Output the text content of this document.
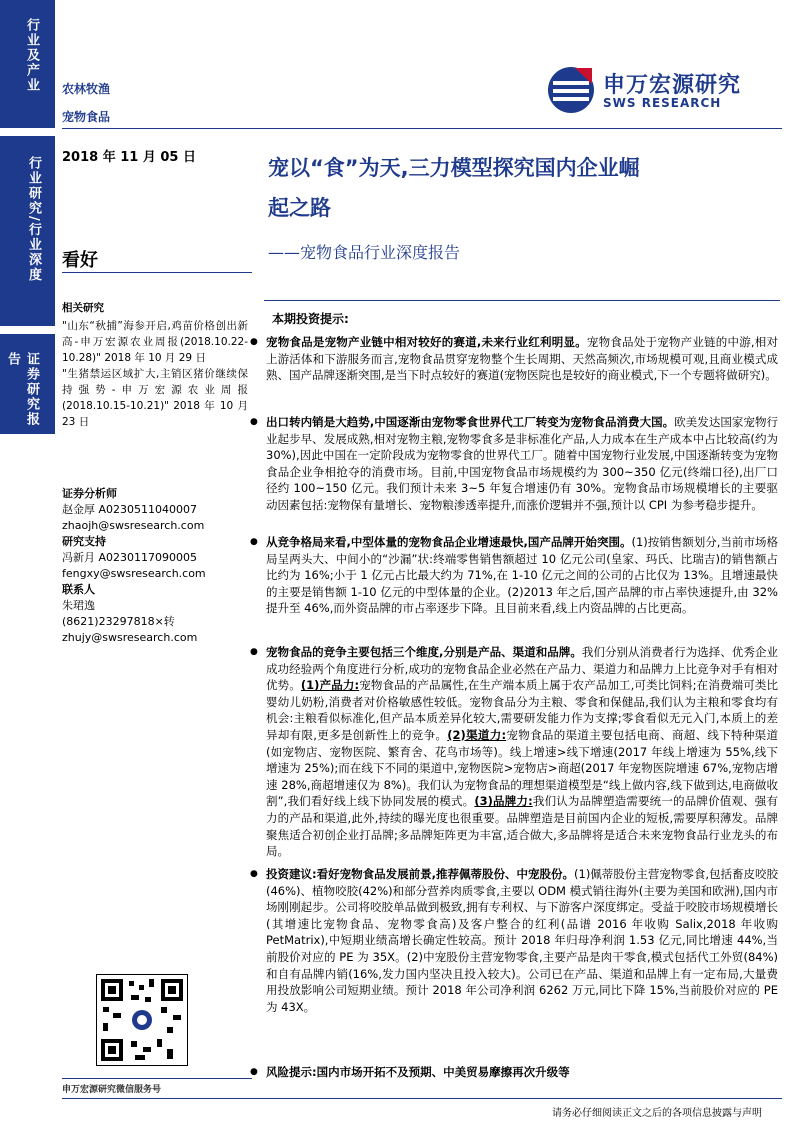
行业及产业
行业研究/行业深度
证券研究报告
农林牧渔
宠物食品
申万宏源研究
SWS RESEARCH
2018 年 11 月 05 日
看好
宠以“食”为天,三力模型探究国内企业崛
起之路
——宠物食品行业深度报告
相关研究
"山东“秋捕”海参开启,鸡苗价格创出新高-申万宏源农业周报(2018.10.22-10.28)" 2018 年 10 月 29 日
"生猪禁运区域扩大,主销区猪价继续保持强势-申万宏源农业周报(2018.10.15-10.21)" 2018 年 10 月 23 日
证券分析师
赵金厚 A0230511040007
zhaojh@swsresearch.com
研究支持
冯新月 A0230117090005
fengxy@swsresearch.com
联系人
朱珺逸
(8621)23297818×转
zhujy@swsresearch.com
申万宏源研究微信服务号
本期投资提示:
● 宠物食品是宠物产业链中相对较好的赛道,未来行业红利明显。宠物食品处于宠物产业链的中游,相对上游活体和下游服务而言,宠物食品贯穿宠物整个生长周期、天然高频次,市场规模可观,且商业模式成熟、国产品牌逐渐突围,是当下时点较好的赛道(宠物医院也是较好的商业模式,下一个专题将做研究)。
● 出口转内销是大趋势,中国逐渐由宠物零食世界代工厂转变为宠物食品消费大国。欧美发达国家宠物行业起步早、发展成熟,相对宠物主粮,宠物零食多是非标准化产品,人力成本在生产成本中占比较高(约为 30%),因此中国在一定阶段成为宠物零食的世界代工厂。随着中国宠物行业发展,中国逐渐转变为宠物食品企业争相抢夺的消费市场。目前,中国宠物食品市场规模约为 300~350 亿元(终端口径),出厂口径约 100~150 亿元。我们预计未来 3~5 年复合增速仍有 30%。宠物食品市场规模增长的主要驱动因素包括:宠物保有量增长、宠物粮渗透率提升,而涨价逻辑并不强,预计以 CPI 为参考稳步提升。
● 从竞争格局来看,中型体量的宠物食品企业增速最快,国产品牌开始突围。(1)按销售额划分,当前市场格局呈两头大、中间小的“沙漏”状:终端零售销售额超过 10 亿元公司(皇家、玛氏、比瑞吉)的销售额占比约为 16%;小于 1 亿元占比最大约为 71%,在 1-10 亿元之间的公司的占比仅为 13%。且增速最快的主要是销售额 1-10 亿元的中型体量的企业。(2)2013 年之后,国产品牌的市占率快速提升,由 32%提升至 46%,而外资品牌的市占率逐步下降。且目前来看,线上内资品牌的占比更高。
● 宠物食品的竞争主要包括三个维度,分别是产品、渠道和品牌。我们分别从消费者行为选择、优秀企业成功经验两个角度进行分析,成功的宠物食品企业必然在产品力、渠道力和品牌力上比竞争对手有相对优势。(1)产品力:宠物食品的产品属性,在生产端本质上属于农产品加工,可类比饲料;在消费端可类比婴幼儿奶粉,消费者对价格敏感性较低。宠物食品分为主粮、零食和保健品,我们认为主粮和零食均有机会:主粮看似标准化,但产品本质差异化较大,需要研发能力作为支撑;零食看似无元入门,本质上的差异却有限,更多是创新性上的竞争。(2)渠道力:宠物食品的渠道主要包括电商、商超、线下特种渠道(如宠物店、宠物医院、繁育舍、花鸟市场等)。线上增速>线下增速(2017 年线上增速为 55%,线下增速为 25%);而在线下不同的渠道中,宠物医院>宠物店>商超(2017 年宠物医院增速 67%,宠物店增速 28%,商超增速仅为 8%)。我们认为宠物食品的理想渠道模型是“线上做内容,线下做到达,电商做收割”,我们看好线上线下协同发展的模式。(3)品牌力:我们认为品牌塑造需要统一的品牌价值观、强有力的产品和渠道,此外,持续的曝光度也很重要。品牌塑造是目前国内企业的短板,需要厚积薄发。品牌聚焦适合初创企业打品牌;多品牌矩阵更为丰富,适合做大,多品牌将是适合未来宠物食品行业龙头的布局。
● 投资建议:看好宠物食品发展前景,推荐佩蒂股份、中宠股份。(1)佩蒂股份主营宠物零食,包括畜皮咬胶(46%)、植物咬胶(42%)和部分营养肉质零食,主要以 ODM 模式销往海外(主要为美国和欧洲),国内市场刚刚起步。公司将咬胶单品做到极致,拥有专利权、与下游客户深度绑定。受益于咬胶市场规模增长(其增速比宠物食品、宠物零食高)及客户整合的红利(品谱 2016 年收购 Salix,2018 年收购 PetMatrix),中短期业绩高增长确定性较高。预计 2018 年归母净利润 1.53 亿元,同比增速 44%,当前股价对应的 PE 为 35X。(2)中宠股份主营宠物零食,主要产品是肉干零食,模式包括代工外贸(84%)和自有品牌内销(16%,发力国内坚决且投入较大)。公司已在产品、渠道和品牌上有一定布局,大量费用投放影响公司短期业绩。预计 2018 年公司净利润 6262 万元,同比下降 15%,当前股价对应的 PE 为 43X。
● 风险提示:国内市场开拓不及预期、中美贸易摩擦再次升级等
请务必仔细阅读正文之后的各项信息披露与声明
